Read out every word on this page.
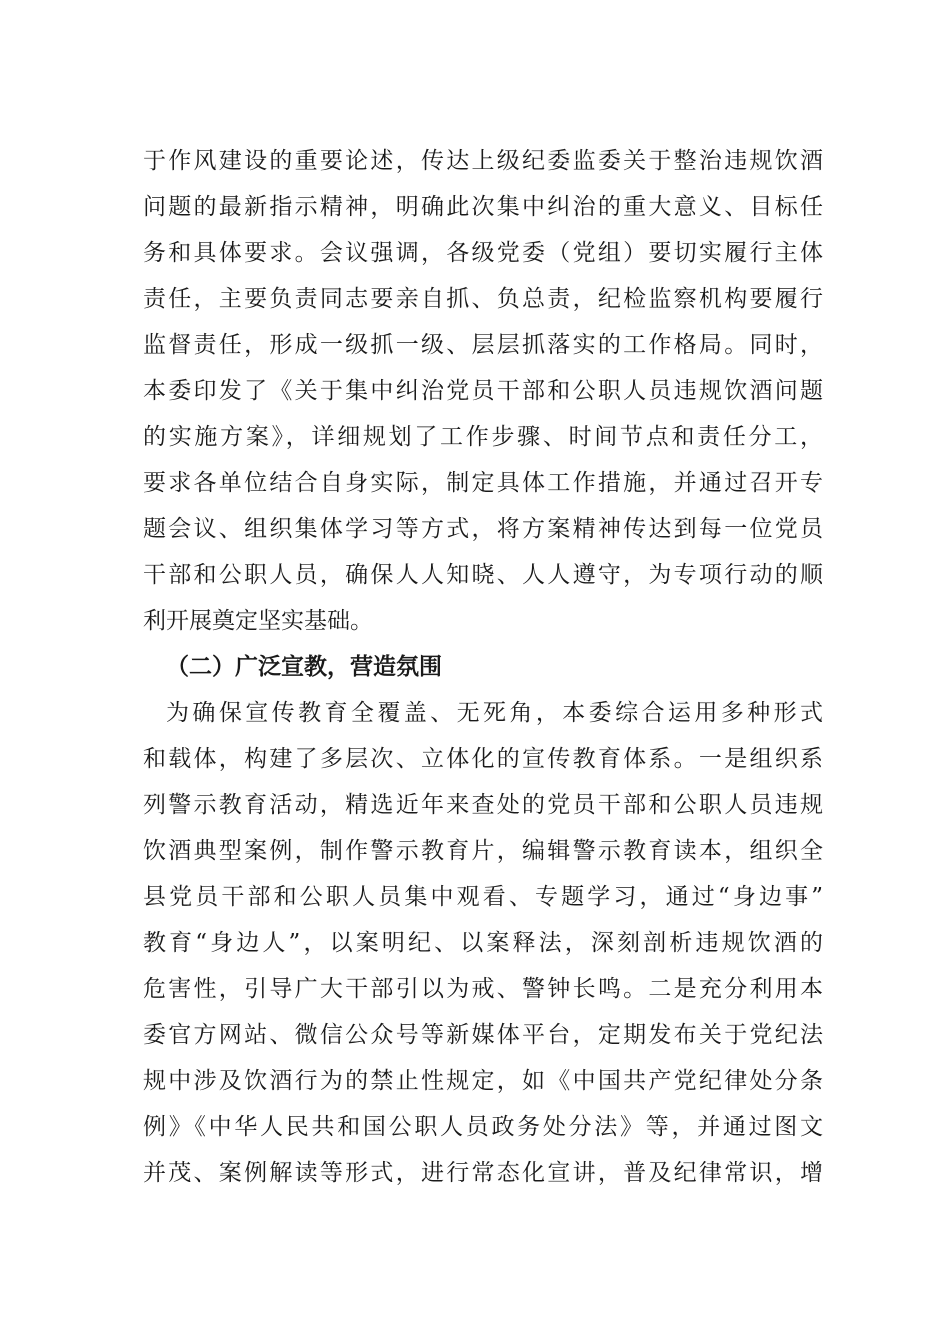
于作风建设的重要论述，传达上级纪委监委关于整治违规饮酒
问题的最新指示精神，明确此次集中纠治的重大意义、目标任
务和具体要求。会议强调，各级党委（党组）要切实履行主体
责任，主要负责同志要亲自抓、负总责，纪检监察机构要履行
监督责任，形成一级抓一级、层层抓落实的工作格局。同时，
本委印发了《关于集中纠治党员干部和公职人员违规饮酒问题
的实施方案》，详细规划了工作步骤、时间节点和责任分工，
要求各单位结合自身实际，制定具体工作措施，并通过召开专
题会议、组织集体学习等方式，将方案精神传达到每一位党员
干部和公职人员，确保人人知晓、人人遵守，为专项行动的顺
利开展奠定坚实基础。
（二）广泛宣教，营造氛围
为确保宣传教育全覆盖、无死角，本委综合运用多种形式
和载体，构建了多层次、立体化的宣传教育体系。一是组织系
列警示教育活动，精选近年来查处的党员干部和公职人员违规
饮酒典型案例，制作警示教育片，编辑警示教育读本，组织全
县党员干部和公职人员集中观看、专题学习，通过“身边事”
教育“身边人”，以案明纪、以案释法，深刻剖析违规饮酒的
危害性，引导广大干部引以为戒、警钟长鸣。二是充分利用本
委官方网站、微信公众号等新媒体平台，定期发布关于党纪法
规中涉及饮酒行为的禁止性规定，如《中国共产党纪律处分条
例》《中华人民共和国公职人员政务处分法》等，并通过图文
并茂、案例解读等形式，进行常态化宣讲，普及纪律常识，增
